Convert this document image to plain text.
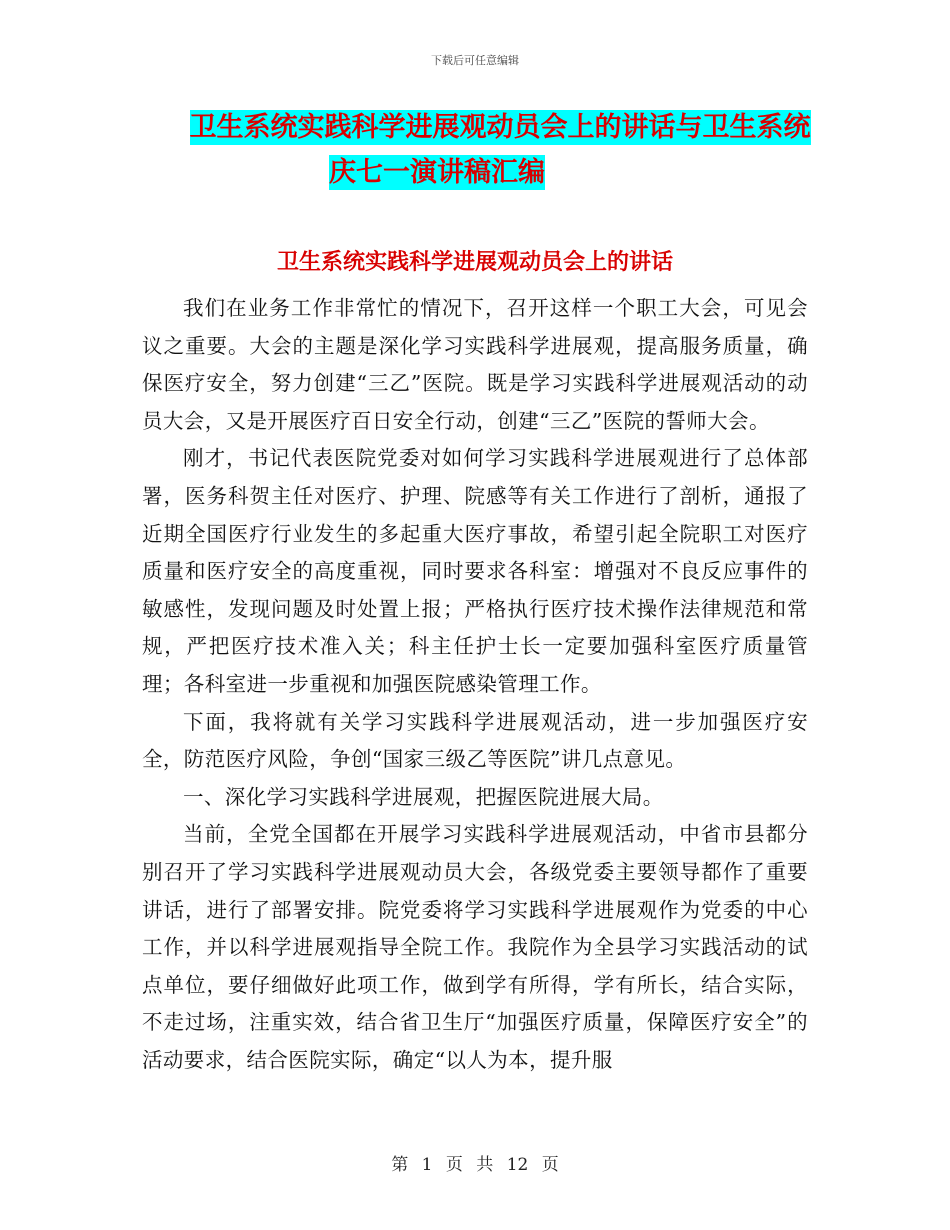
下载后可任意编辑
卫生系统实践科学进展观动员会上的讲话与卫生系统
庆七一演讲稿汇编
卫生系统实践科学进展观动员会上的讲话

我们在业务工作非常忙的情况下，召开这样一个职工大会，可见会议之重要。大会的主题是深化学习实践科学进展观，提高服务质量，确保医疗安全，努力创建“三乙”医院。既是学习实践科学进展观活动的动员大会，又是开展医疗百日安全行动，创建“三乙”医院的誓师大会。

刚才，书记代表医院党委对如何学习实践科学进展观进行了总体部署，医务科贺主任对医疗、护理、院感等有关工作进行了剖析，通报了近期全国医疗行业发生的多起重大医疗事故，希望引起全院职工对医疗质量和医疗安全的高度重视，同时要求各科室：增强对不良反应事件的敏感性，发现问题及时处置上报；严格执行医疗技术操作法律规范和常规，严把医疗技术准入关；科主任护士长一定要加强科室医疗质量管理；各科室进一步重视和加强医院感染管理工作。

下面，我将就有关学习实践科学进展观活动，进一步加强医疗安全，防范医疗风险，争创“国家三级乙等医院”讲几点意见。

一、深化学习实践科学进展观，把握医院进展大局。

当前，全党全国都在开展学习实践科学进展观活动，中省市县都分别召开了学习实践科学进展观动员大会，各级党委主要领导都作了重要讲话，进行了部署安排。院党委将学习实践科学进展观作为党委的中心工作，并以科学进展观指导全院工作。我院作为全县学习实践活动的试点单位，要仔细做好此项工作，做到学有所得，学有所长，结合实际，不走过场，注重实效，结合省卫生厅“加强医疗质量，保障医疗安全”的活动要求，结合医院实际，确定“以人为本，提升服

第 1 页 共 12 页
